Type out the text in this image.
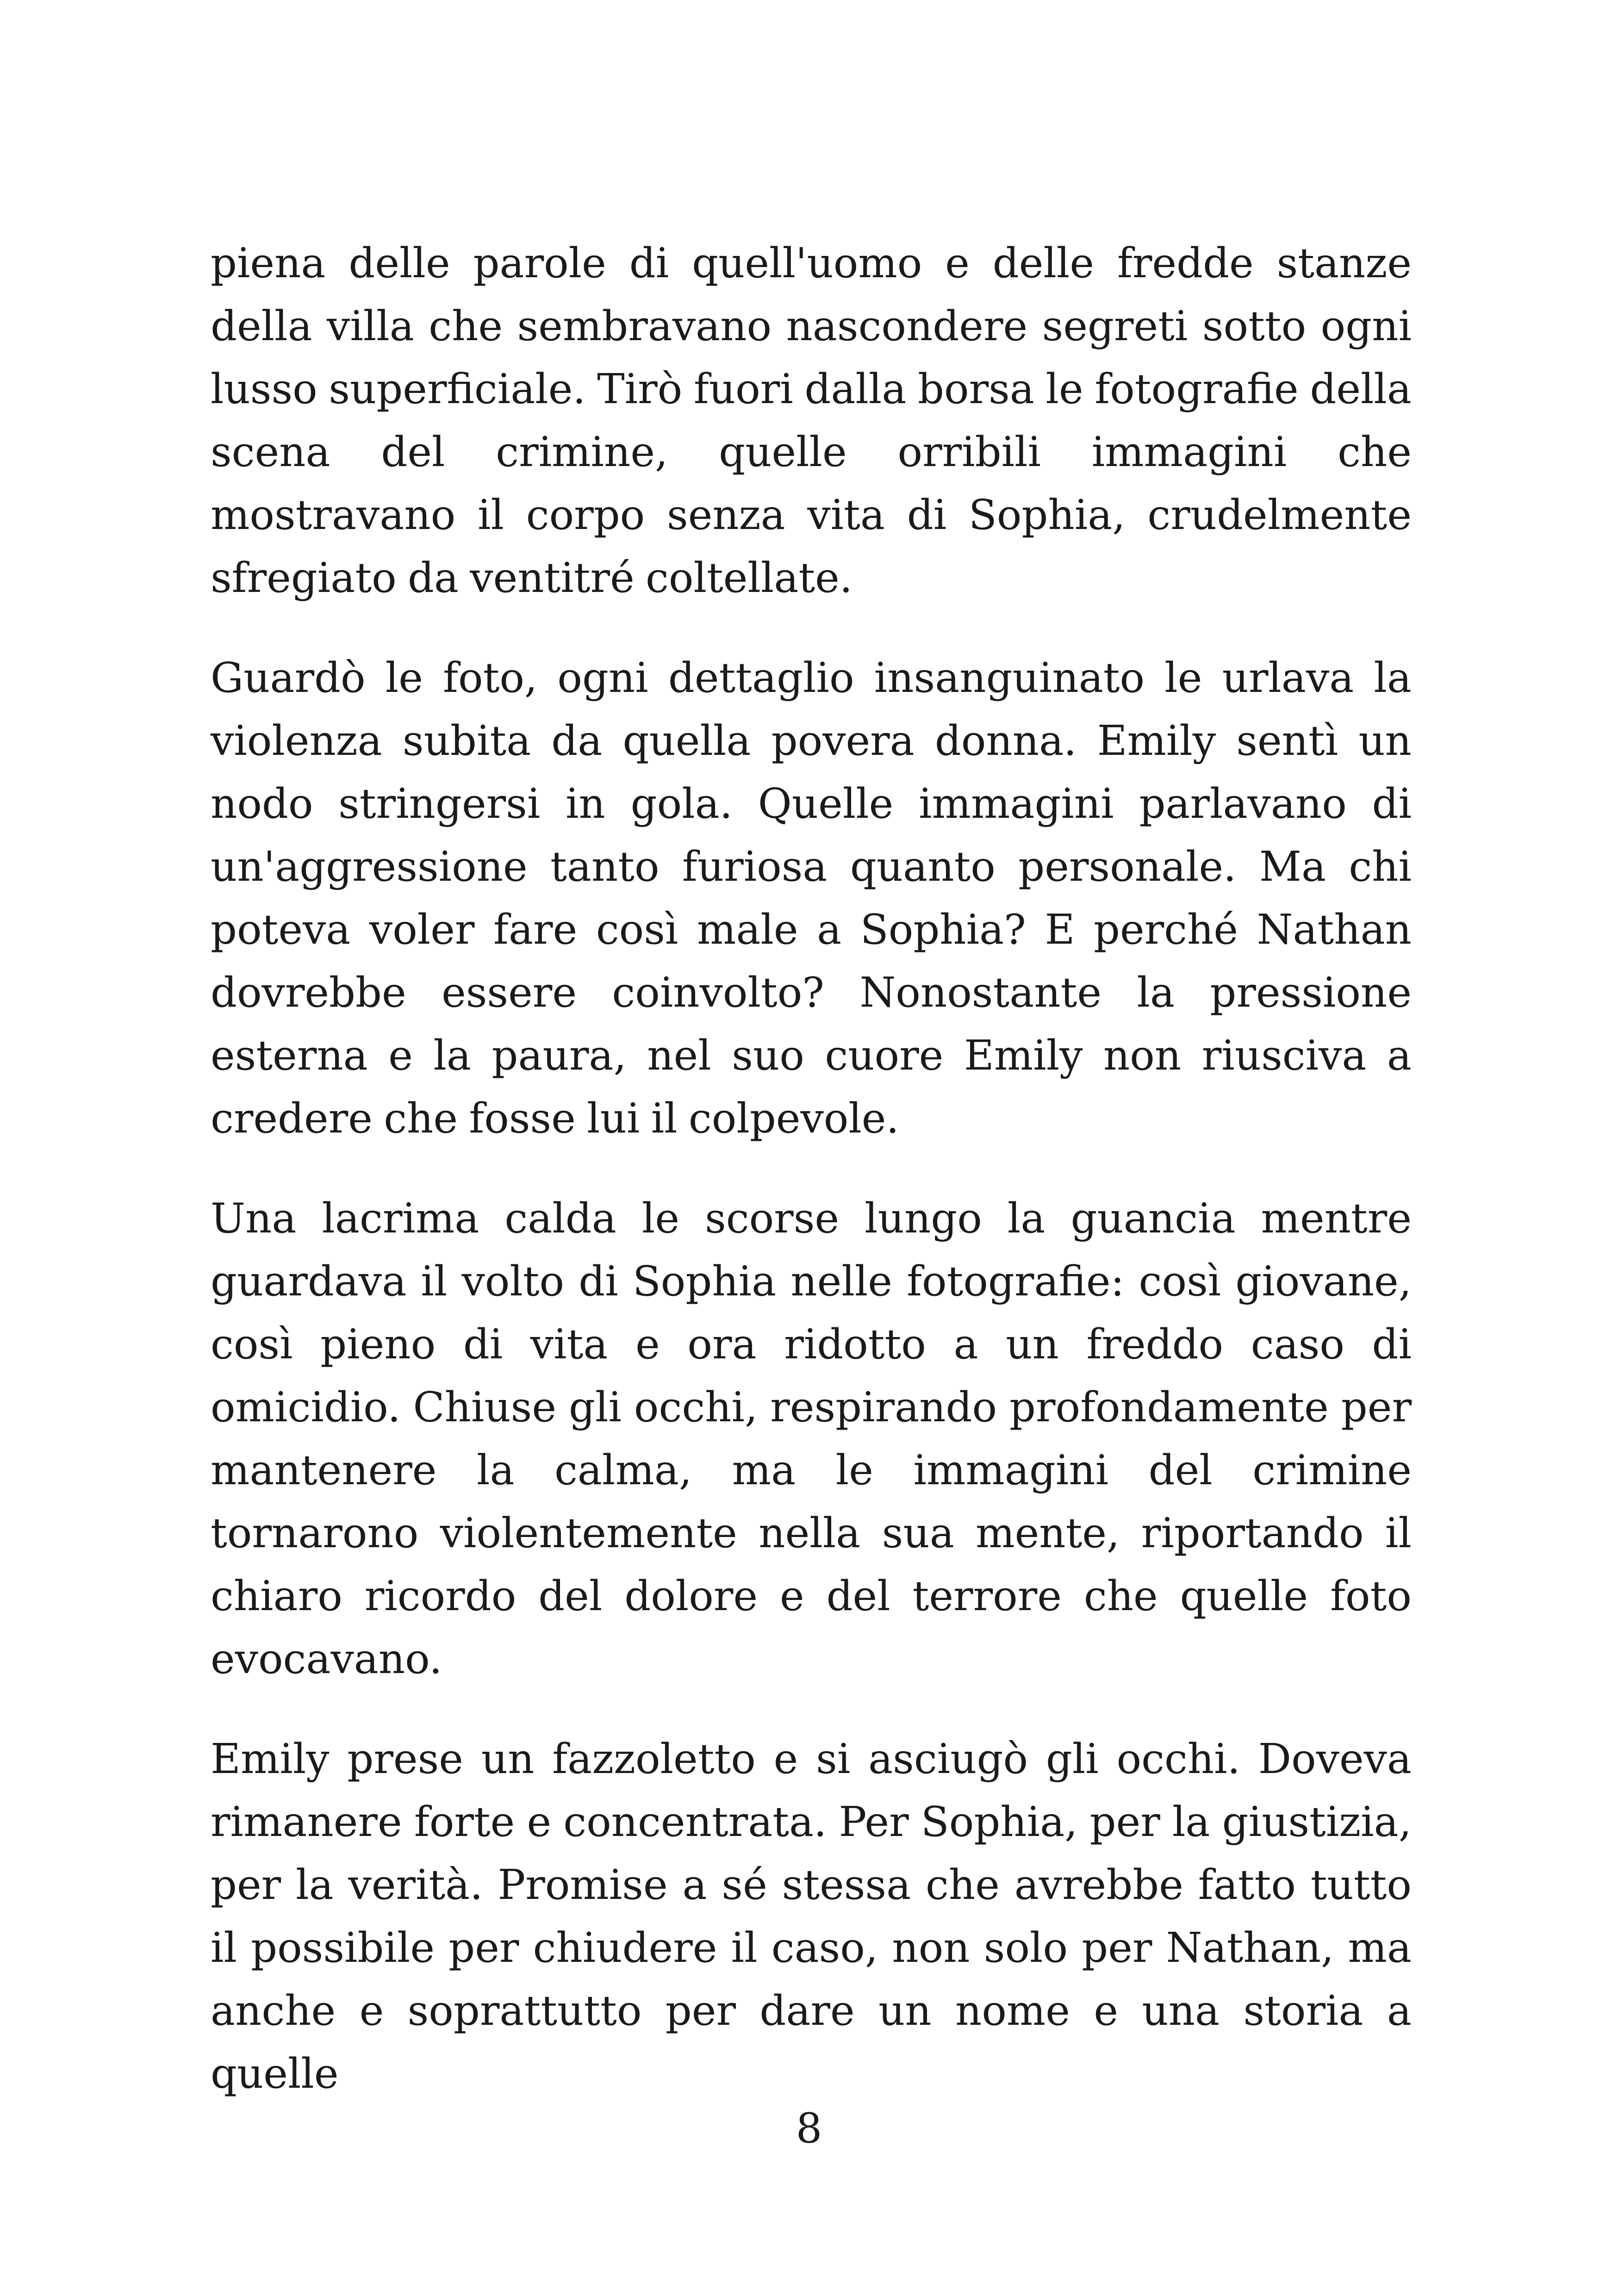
piena delle parole di quell'uomo e delle fredde stanze della villa che sembravano nascondere segreti sotto ogni lusso superficiale. Tirò fuori dalla borsa le fotografie della scena del crimine, quelle orribili immagini che mostravano il corpo senza vita di Sophia, crudelmente sfregiato da ventitré coltellate.

Guardò le foto, ogni dettaglio insanguinato le urlava la violenza subita da quella povera donna. Emily sentì un nodo stringersi in gola. Quelle immagini parlavano di un'aggressione tanto furiosa quanto personale. Ma chi poteva voler fare così male a Sophia? E perché Nathan dovrebbe essere coinvolto? Nonostante la pressione esterna e la paura, nel suo cuore Emily non riusciva a credere che fosse lui il colpevole.

Una lacrima calda le scorse lungo la guancia mentre guardava il volto di Sophia nelle fotografie: così giovane, così pieno di vita e ora ridotto a un freddo caso di omicidio. Chiuse gli occhi, respirando profondamente per mantenere la calma, ma le immagini del crimine tornarono violentemente nella sua mente, riportando il chiaro ricordo del dolore e del terrore che quelle foto evocavano.

Emily prese un fazzoletto e si asciugò gli occhi. Doveva rimanere forte e concentrata. Per Sophia, per la giustizia, per la verità. Promise a sé stessa che avrebbe fatto tutto il possibile per chiudere il caso, non solo per Nathan, ma anche e soprattutto per dare un nome e una storia a quelle

8
